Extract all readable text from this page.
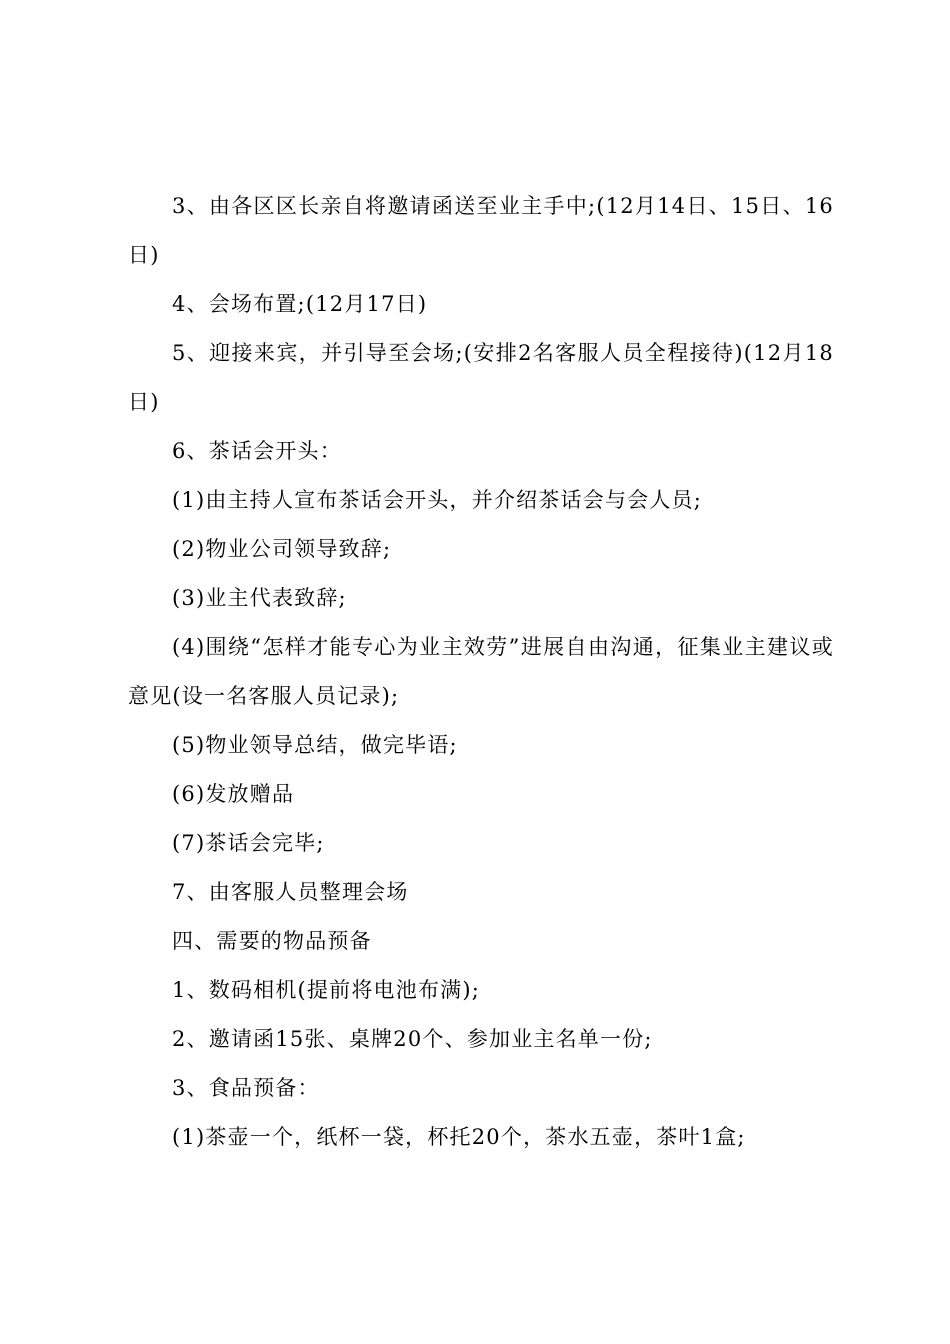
3、由各区区长亲自将邀请函送至业主手中;(12月14日、15日、16日)

4、会场布置;(12月17日)

5、迎接来宾，并引导至会场;(安排2名客服人员全程接待)(12月18日)

6、茶话会开头：

(1)由主持人宣布茶话会开头，并介绍茶话会与会人员;

(2)物业公司领导致辞;

(3)业主代表致辞;

(4)围绕“怎样才能专心为业主效劳”进展自由沟通，征集业主建议或意见(设一名客服人员记录);

(5)物业领导总结，做完毕语;

(6)发放赠品

(7)茶话会完毕;

7、由客服人员整理会场

四、需要的物品预备

1、数码相机(提前将电池布满);

2、邀请函15张、桌牌20个、参加业主名单一份;

3、食品预备：

(1)茶壶一个，纸杯一袋，杯托20个，茶水五壶，茶叶1盒;
